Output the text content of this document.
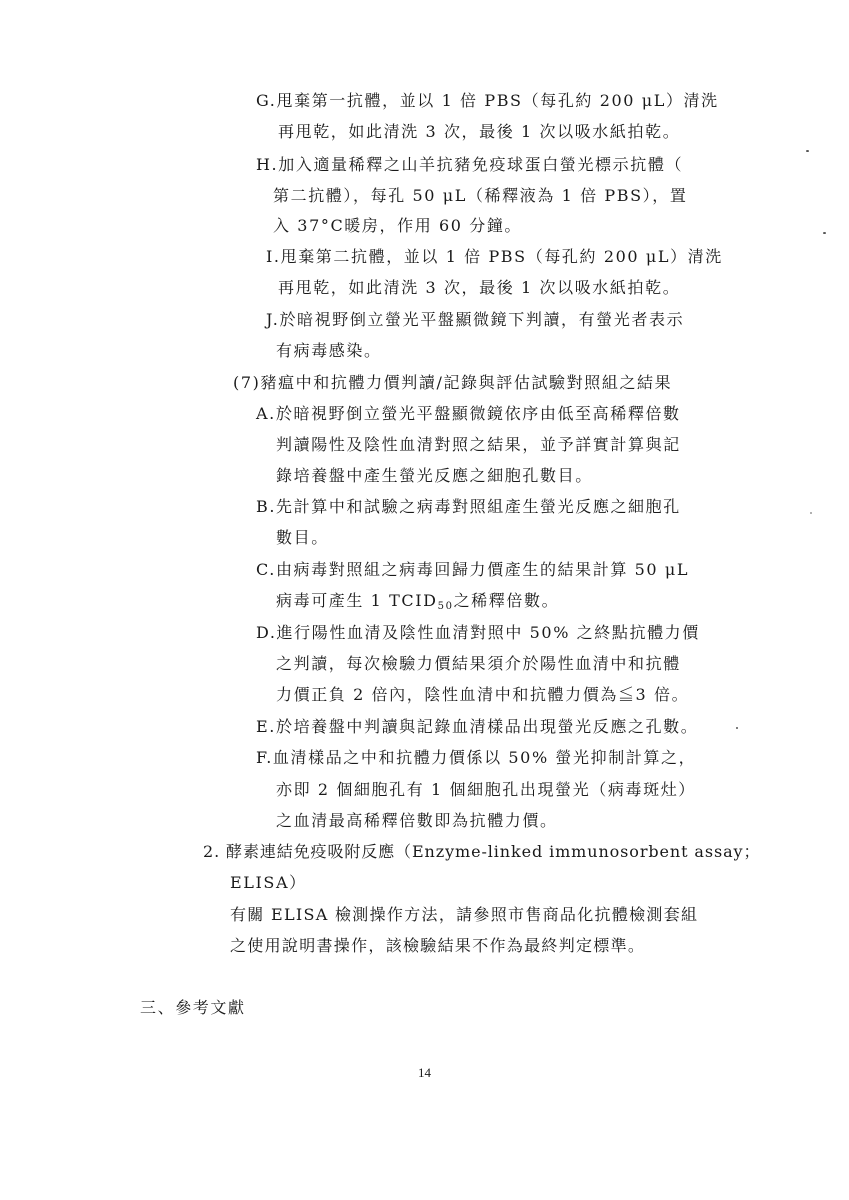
G.甩棄第一抗體，並以 1 倍 PBS（每孔約 200 μL）清洗
再甩乾，如此清洗 3 次，最後 1 次以吸水紙拍乾。
H.加入適量稀釋之山羊抗豬免疫球蛋白螢光標示抗體（
第二抗體），每孔 50 μL（稀釋液為 1 倍 PBS），置
入 37°C暖房，作用 60 分鐘。
I.甩棄第二抗體，並以 1 倍 PBS（每孔約 200 μL）清洗
再甩乾，如此清洗 3 次，最後 1 次以吸水紙拍乾。
J.於暗視野倒立螢光平盤顯微鏡下判讀，有螢光者表示
有病毒感染。
(7)豬瘟中和抗體力價判讀/記錄與評估試驗對照組之結果
A.於暗視野倒立螢光平盤顯微鏡依序由低至高稀釋倍數
判讀陽性及陰性血清對照之結果，並予詳實計算與記
錄培養盤中產生螢光反應之細胞孔數目。
B.先計算中和試驗之病毒對照組產生螢光反應之細胞孔
數目。
C.由病毒對照組之病毒回歸力價產生的結果計算 50 μL
病毒可產生 1 $TCID_{50}$之稀釋倍數。
D.進行陽性血清及陰性血清對照中 50% 之終點抗體力價
之判讀，每次檢驗力價結果須介於陽性血清中和抗體
力價正負 2 倍內，陰性血清中和抗體力價為≦3 倍。
E.於培養盤中判讀與記錄血清樣品出現螢光反應之孔數。
F.血清樣品之中和抗體力價係以 50% 螢光抑制計算之，
亦即 2 個細胞孔有 1 個細胞孔出現螢光（病毒斑灶）
之血清最高稀釋倍數即為抗體力價。
2. 酵素連結免疫吸附反應（Enzyme-linked immunosorbent assay；
ELISA）
有關 ELISA 檢測操作方法，請參照市售商品化抗體檢測套組
之使用說明書操作，該檢驗結果不作為最終判定標準。
三、參考文獻
14
